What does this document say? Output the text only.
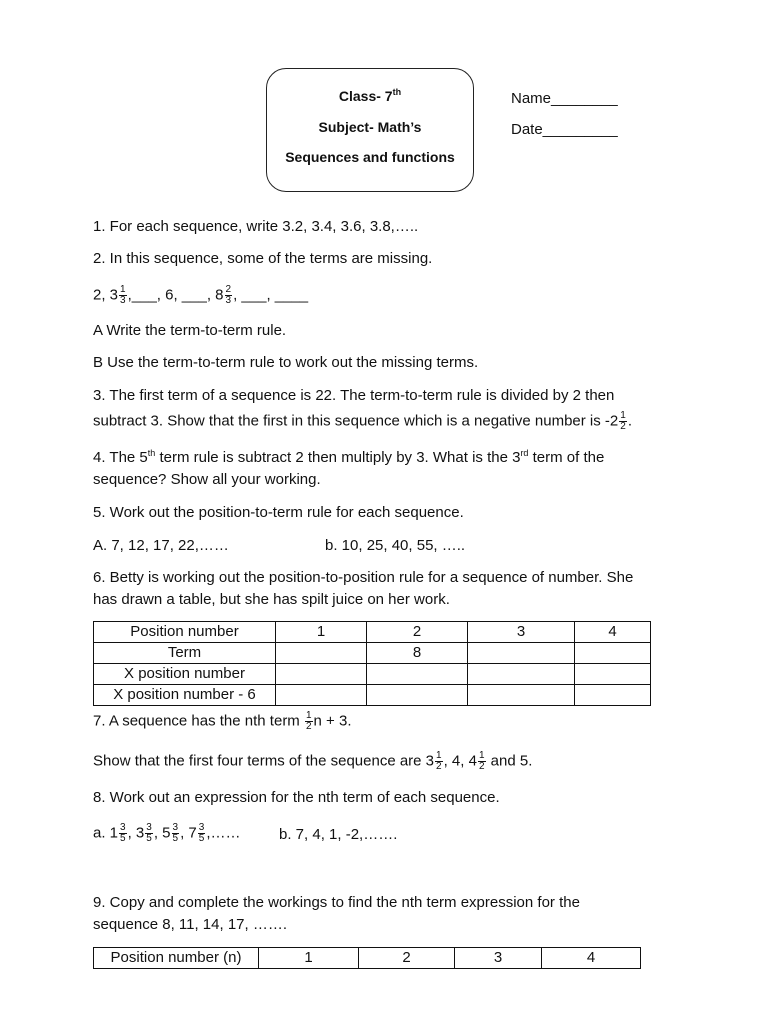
Class- 7th
Subject- Math’s
Sequences and functions
Name________
Date_________
1. For each sequence, write 3.2, 3.4, 3.6, 3.8,…..
2. In this sequence, some of the terms are missing.
2, $3 \frac{1}{3}$ ,___, 6, ___, $8 \frac{2}{3}$ , ___, ____
A Write the term-to-term rule.
B Use the term-to-term rule to work out the missing terms.
3. The first term of a sequence is 22. The term-to-term rule is divided by 2 then
subtract 3. Show that the first in this sequence which is a negative number is $-2 \frac{1}{2}$ .
4. The 5th term rule is subtract 2 then multiply by 3. What is the 3rd term of the
sequence? Show all your working.
5. Work out the position-to-term rule for each sequence.
A. 7, 12, 17, 22,……	b. 10, 25, 40, 55, …..
6. Betty is working out the position-to-position rule for a sequence of number. She
has drawn a table, but she has spilt juice on her work.
Position number	1	2	3	4
Term		8		
X position number				
X position number - 6				
7. A sequence has the nth term $\frac{1}{2}$ n + 3.
Show that the first four terms of the sequence are $3 \frac{1}{2}$ , 4, $4 \frac{1}{2}$ and 5.
8. Work out an expression for the nth term of each sequence.
a. $1 \frac{3}{5}$ , $3 \frac{3}{5}$ , $5 \frac{3}{5}$ , $7 \frac{3}{5}$ ,……	b. 7, 4, 1, -2,…….
9. Copy and complete the workings to find the nth term expression for the
sequence 8, 11, 14, 17, …….
Position number (n)	1	2	3	4
